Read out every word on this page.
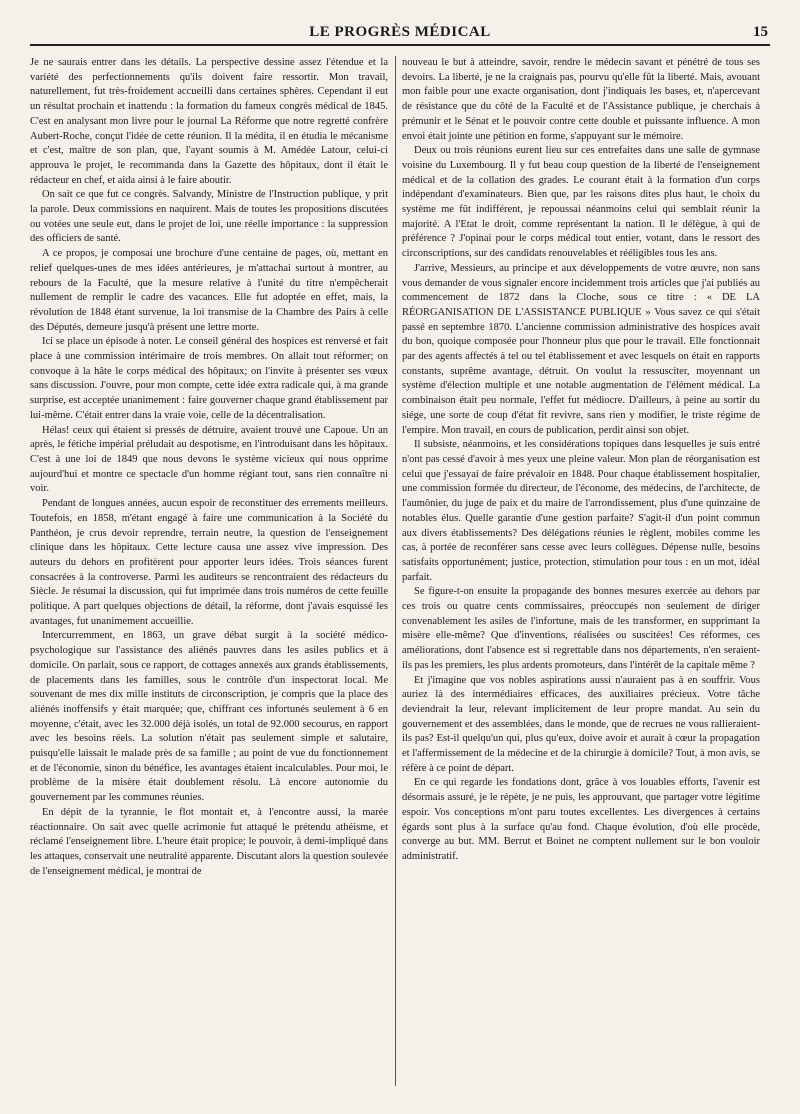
LE PROGRÈS MÉDICAL	15

Je ne saurais entrer dans les détails. La perspective dessine assez l'étendue et la variété des perfectionnements qu'ils doivent faire ressortir. Mon travail, naturellement, fut très-froidement accueilli dans certaines sphères. Cependant il eut un résultat prochain et inattendu : la formation du fameux congrès médical de 1845. C'est en analysant mon livre pour le journal La Réforme que notre regretté confrère Aubert-Roche, conçut l'idée de cette réunion. Il la médita, il en étudia le mécanisme et c'est, maître de son plan, que, l'ayant soumis à M. Amédée Latour, celui-ci approuva le projet, le recommanda dans la Gazette des hôpitaux, dont il était le rédacteur en chef, et aida ainsi à le faire aboutir.

On sait ce que fut ce congrès. Salvandy, Ministre de l'Instruction publique, y prit la parole. Deux commissions en naquirent. Mais de toutes les propositions discutées ou votées une seule eut, dans le projet de loi, une réelle importance : la suppression des officiers de santé.

A ce propos, je composai une brochure d'une centaine de pages, où, mettant en relief quelques-unes de mes idées antérieures, je m'attachai surtout à montrer, au rebours de la Faculté, que la mesure relative à l'unité du titre n'empêcherait nullement de remplir le cadre des vacances. Elle fut adoptée en effet, mais, la révolution de 1848 étant survenue, la loi transmise de la Chambre des Pairs à celle des Députés, demeure jusqu'à présent une lettre morte.

Ici se place un épisode à noter. Le conseil général des hospices est renversé et fait place à une commission intérimaire de trois membres. On allait tout réformer; on convoque à la hâte le corps médical des hôpitaux; on l'invite à présenter ses vœux sans discussion. J'ouvre, pour mon compte, cette idée extra radicale qui, à ma grande surprise, est acceptée unanimement : faire gouverner chaque grand établissement par lui-même. C'était entrer dans la vraie voie, celle de la décentralisation.

Hélas! ceux qui étaient si pressés de détruire, avaient trouvé une Capoue. Un an après, le fétiche impérial préludait au despotisme, en l'introduisant dans les hôpitaux. C'est à une loi de 1849 que nous devons le système vicieux qui nous opprime aujourd'hui et montre ce spectacle d'un homme régiant tout, sans rien connaître ni voir.

Pendant de longues années, aucun espoir de reconstituer des errements meilleurs. Toutefois, en 1858, m'étant engagé à faire une communication à la Société du Panthéon, je crus devoir reprendre, terrain neutre, la question de l'enseignement clinique dans les hôpitaux. Cette lecture causa une assez vive impression. Des auteurs du dehors en profitèrent pour apporter leurs idées. Trois séances furent consacrées à la controverse. Parmi les auditeurs se rencontraient des rédacteurs du Siècle. Je résumai la discussion, qui fut imprimée dans trois numéros de cette feuille politique. A part quelques objections de détail, la réforme, dont j'avais esquissé les avantages, fut unanimement accueillie.

Intercurremment, en 1863, un grave débat surgit à la société médico-psychologique sur l'assistance des aliénés pauvres dans les asiles publics et à domicile. On parlait, sous ce rapport, de cottages annexés aux grands établissements, de placements dans les familles, sous le contrôle d'un inspectorat local. Me souvenant de mes dix mille instituts de circonscription, je compris que la place des aliénés inoffensifs y était marquée; que, chiffrant ces infortunés seulement à 6 en moyenne, c'était, avec les 32.000 déjà isolés, un total de 92.000 secourus, en rapport avec les besoins réels. La solution n'était pas seulement simple et salutaire, puisqu'elle laissait le malade près de sa famille ; au point de vue du fonctionnement et de l'économie, sinon du bénéfice, les avantages étaient incalculables. Pour moi, le problème de la misère était doublement résolu. Là encore autonomie du gouvernement par les communes réunies.

En dépit de la tyrannie, le flot montait et, à l'encontre aussi, la marée réactionnaire. On sait avec quelle acrimonie fut attaqué le prétendu athéisme, et réclamé l'enseignement libre. L'heure était propice; le pouvoir, à demi-impliqué dans les attaques, conservait une neutralité apparente. Discutant alors la question soulevée de l'enseignement médical, je montrai de

nouveau le but à atteindre, savoir, rendre le médecin savant et pénétré de tous ses devoirs. La liberté, je ne la craignais pas, pourvu qu'elle fût la liberté. Mais, avouant mon faible pour une exacte organisation, dont j'indiquais les bases, et, n'apercevant de résistance que du côté de la Faculté et de l'Assistance publique, je cherchais à prémunir et le Sénat et le pouvoir contre cette double et puissante influence. A mon envoi était jointe une pétition en forme, s'appuyant sur le mémoire.

Deux ou trois réunions eurent lieu sur ces entrefaites dans une salle de gymnase voisine du Luxembourg. Il y fut beau coup question de la liberté de l'enseignement médical et de la collation des grades. Le courant était à la formation d'un corps indépendant d'examinateurs. Bien que, par les raisons dites plus haut, le choix du système me fût indifférent, je repoussai néanmoins celui qui semblait réunir la majorité. A l'Etat le droit, comme représentant la nation. Il le délègue, à qui de préférence ? J'opinai pour le corps médical tout entier, votant, dans le ressort des circonscriptions, sur des candidats renouvelables et rééligibles tous les ans.

J'arrive, Messieurs, au principe et aux développements de votre œuvre, non sans vous demander de vous signaler encore incidemment trois articles que j'ai publiés au commencement de 1872 dans la Cloche, sous ce titre : « DE LA RÉORGANISATION DE L'ASSISTANCE PUBLIQUE » Vous savez ce qui s'était passé en septembre 1870. L'ancienne commission administrative des hospices avait du bon, quoique composée pour l'honneur plus que pour le travail. Elle fonctionnait par des agents affectés à tel ou tel établissement et avec lesquels on était en rapports constants, suprême avantage, détruit. On voulut la ressusciter, moyennant un système d'élection multiple et une notable augmentation de l'élément médical. La combinaison était peu normale, l'effet fut médiocre. D'ailleurs, à peine au sortir du siége, une sorte de coup d'état fit revivre, sans rien y modifier, le triste régime de l'empire. Mon travail, en cours de publication, perdit ainsi son objet.

Il subsiste, néanmoins, et les considérations topiques dans lesquelles je suis entré n'ont pas cessé d'avoir à mes yeux une pleine valeur. Mon plan de réorganisation est celui que j'essayai de faire prévaloir en 1848. Pour chaque établissement hospitalier, une commission formée du directeur, de l'économe, des médecins, de l'architecte, de l'aumônier, du juge de paix et du maire de l'arrondissement, plus d'une quinzaine de notables élus. Quelle garantie d'une gestion parfaite? S'agit-il d'un point commun aux divers établissements? Des délégations réunies le règlent, mobiles comme les cas, à portée de reconférer sans cesse avec leurs collègues. Dépense nulle, besoins satisfaits opportunément; justice, protection, stimulation pour tous : en un mot, idéal parfait.

Se figure-t-on ensuite la propagande des bonnes mesures exercée au dehors par ces trois ou quatre cents commissaires, préoccupés non seulement de diriger convenablement les asiles de l'infortune, mais de les transformer, en supprimant la misère elle-même? Que d'inventions, réalisées ou suscitées! Ces réformes, ces améliorations, dont l'absence est si regrettable dans nos départements, n'en seraient-ils pas les premiers, les plus ardents promoteurs, dans l'intérêt de la capitale même ?

Et j'imagine que vos nobles aspirations aussi n'auraient pas à en souffrir. Vous auriez là des intermédiaires efficaces, des auxiliaires précieux. Votre tâche deviendrait la leur, relevant implicitement de leur propre mandat. Au sein du gouvernement et des assemblées, dans le monde, que de recrues ne vous rallieraient-ils pas? Est-il quelqu'un qui, plus qu'eux, doive avoir et aurait à cœur la propagation et l'affermissement de la médecine et de la chirurgie à domicile? Tout, à mon avis, se réfère à ce point de départ.

En ce qui regarde les fondations dont, grâce à vos louables efforts, l'avenir est désormais assuré, je le répète, je ne puis, les approuvant, que partager votre légitime espoir. Vos conceptions m'ont paru toutes excellentes. Les divergences à certains égards sont plus à la surface qu'au fond. Chaque évolution, d'où elle procède, converge au but. MM. Berrut et Boinet ne comptent nullement sur le bon vouloir administratif.
